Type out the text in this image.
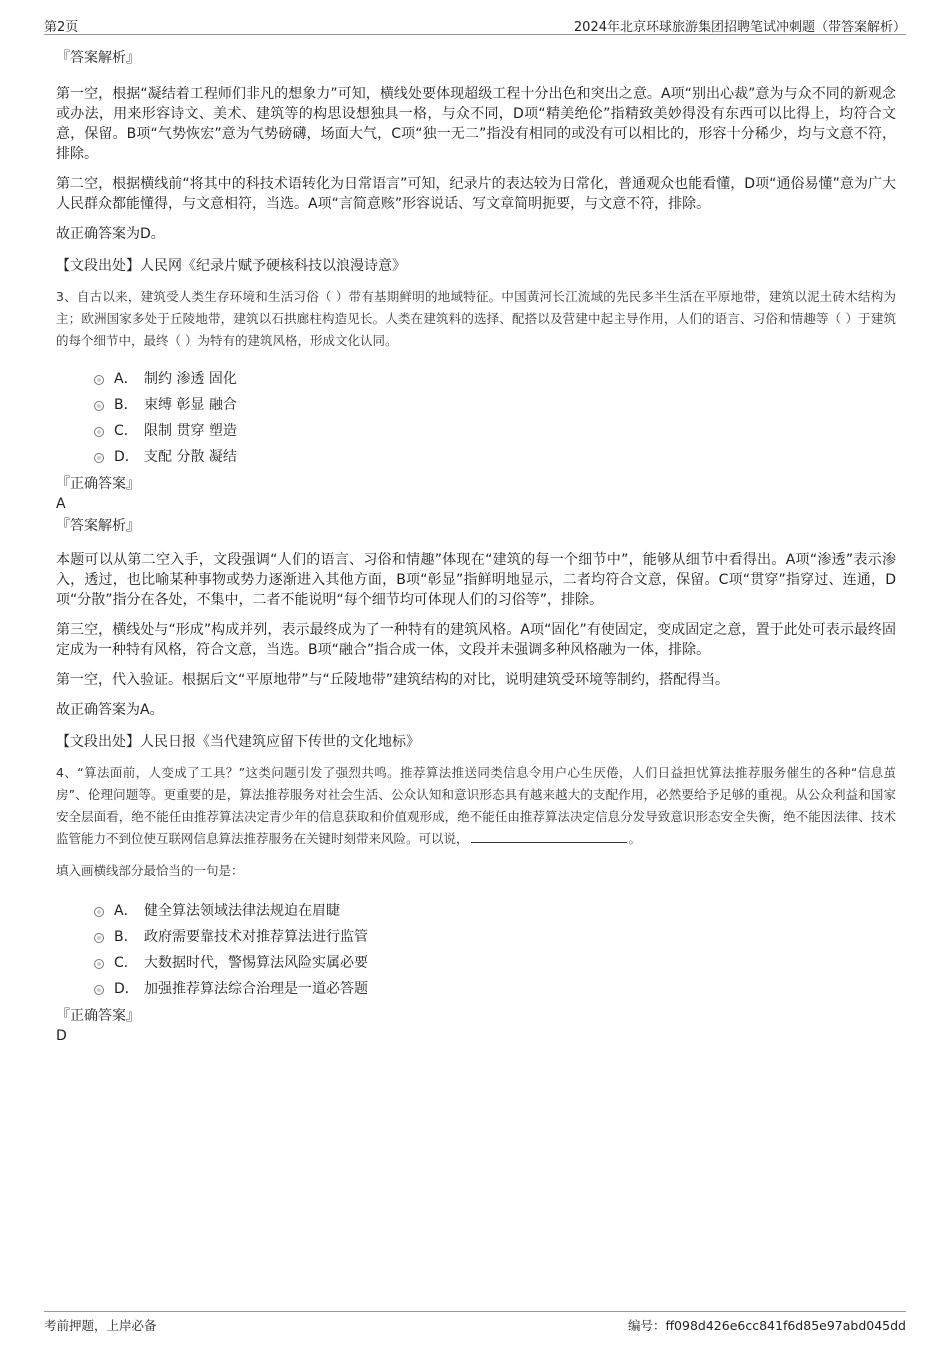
第2页	2024年北京环球旅游集团招聘笔试冲刺题（带答案解析）
『答案解析』

第一空，根据“凝结着工程师们非凡的想象力”可知，横线处要体现超级工程十分出色和突出之意。A项“别出心裁”意为与众不同的新观念或办法，用来形容诗文、美术、建筑等的构思设想独具一格，与众不同，D项“精美绝伦”指精致美妙得没有东西可以比得上，均符合文意，保留。B项“气势恢宏”意为气势磅礴，场面大气，C项“独一无二”指没有相同的或没有可以相比的，形容十分稀少，均与文意不符，排除。

第二空，根据横线前“将其中的科技术语转化为日常语言”可知，纪录片的表达较为日常化，普通观众也能看懂，D项“通俗易懂”意为广大人民群众都能懂得，与文意相符，当选。A项“言简意赅”形容说话、写文章简明扼要，与文意不符，排除。

故正确答案为D。

【文段出处】人民网《纪录片赋予硬核科技以浪漫诗意》

3、自古以来，建筑受人类生存环境和生活习俗（ ）带有基期鲜明的地域特征。中国黄河长江流域的先民多半生活在平原地带，建筑以泥土砖木结构为主；欧洲国家多处于丘陵地带，建筑以石拱廊柱构造见长。人类在建筑料的选择、配搭以及营建中起主导作用，人们的语言、习俗和情趣等（ ）于建筑的每个细节中，最终（ ）为特有的建筑风格，形成文化认同。

A． 制约 渗透 固化
B． 束缚 彰显 融合
C． 限制 贯穿 塑造
D． 支配 分散 凝结
『正确答案』
A
『答案解析』

本题可以从第二空入手，文段强调“人们的语言、习俗和情趣”体现在“建筑的每一个细节中”，能够从细节中看得出。A项“渗透”表示渗入，透过，也比喻某种事物或势力逐渐进入其他方面，B项“彰显”指鲜明地显示，二者均符合文意，保留。C项“贯穿”指穿过、连通，D项“分散”指分在各处，不集中，二者不能说明“每个细节均可体现人们的习俗等”，排除。

第三空，横线处与“形成”构成并列，表示最终成为了一种特有的建筑风格。A项“固化”有使固定，变成固定之意，置于此处可表示最终固定成为一种特有风格，符合文意，当选。B项“融合”指合成一体，文段并未强调多种风格融为一体，排除。

第一空，代入验证。根据后文“平原地带”与“丘陵地带”建筑结构的对比，说明建筑受环境等制约，搭配得当。

故正确答案为A。

【文段出处】人民日报《当代建筑应留下传世的文化地标》

4、“算法面前，人变成了工具？”这类问题引发了强烈共鸣。推荐算法推送同类信息令用户心生厌倦，人们日益担忧算法推荐服务催生的各种“信息茧房”、伦理问题等。更重要的是，算法推荐服务对社会生活、公众认知和意识形态具有越来越大的支配作用，必然要给予足够的重视。从公众利益和国家安全层面看，绝不能任由推荐算法决定青少年的信息获取和价值观形成，绝不能任由推荐算法决定信息分发导致意识形态安全失衡，绝不能因法律、技术监管能力不到位使互联网信息算法推荐服务在关键时刻带来风险。可以说，	。

填入画横线部分最恰当的一句是：

A． 健全算法领域法律法规迫在眉睫
B． 政府需要靠技术对推荐算法进行监管
C． 大数据时代，警惕算法风险实属必要
D． 加强推荐算法综合治理是一道必答题
『正确答案』
D
考前押题，上岸必备	编号：ff098d426e6cc841f6d85e97abd045dd
